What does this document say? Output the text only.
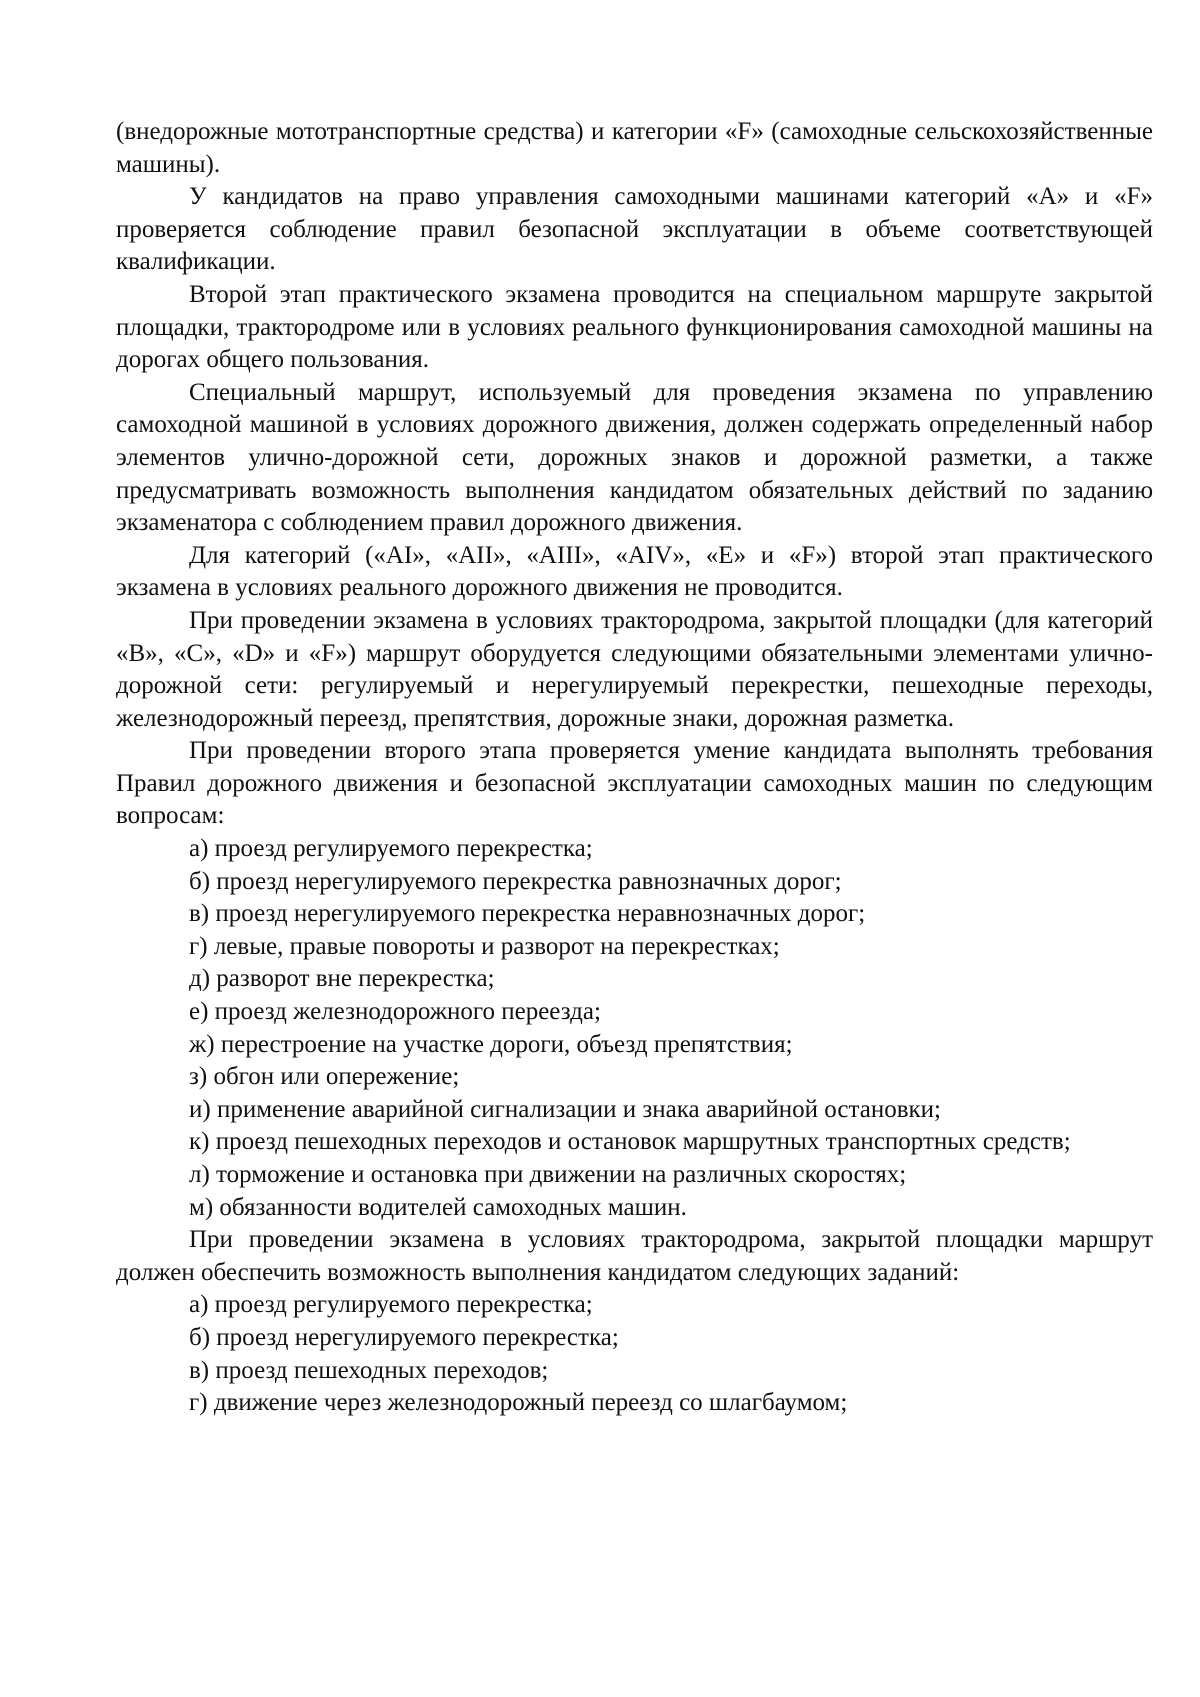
(внедорожные мототранспортные средства) и категории «F» (самоходные сельскохозяйственные машины).

У кандидатов на право управления самоходными машинами категорий «A» и «F» проверяется соблюдение правил безопасной эксплуатации в объеме соответствующей квалификации.

Второй этап практического экзамена проводится на специальном маршруте закрытой площадки, трактородроме или в условиях реального функционирования самоходной машины на дорогах общего пользования.

Специальный маршрут, используемый для проведения экзамена по управлению самоходной машиной в условиях дорожного движения, должен содержать определенный набор элементов улично-дорожной сети, дорожных знаков и дорожной разметки, а также предусматривать возможность выполнения кандидатом обязательных действий по заданию экзаменатора с соблюдением правил дорожного движения.

Для категорий («AI», «AII», «AIII», «AIV», «E» и «F») второй этап практического экзамена в условиях реального дорожного движения не проводится.

При проведении экзамена в условиях трактородрома, закрытой площадки (для категорий «B», «C», «D» и «F») маршрут оборудуется следующими обязательными элементами улично-дорожной сети: регулируемый и нерегулируемый перекрестки, пешеходные переходы, железнодорожный переезд, препятствия, дорожные знаки, дорожная разметка.

При проведении второго этапа проверяется умение кандидата выполнять требования Правил дорожного движения и безопасной эксплуатации самоходных машин по следующим вопросам:

а) проезд регулируемого перекрестка;

б) проезд нерегулируемого перекрестка равнозначных дорог;

в) проезд нерегулируемого перекрестка неравнозначных дорог;

г) левые, правые повороты и разворот на перекрестках;

д) разворот вне перекрестка;

е) проезд железнодорожного переезда;

ж) перестроение на участке дороги, объезд препятствия;

з) обгон или опережение;

и) применение аварийной сигнализации и знака аварийной остановки;

к) проезд пешеходных переходов и остановок маршрутных транспортных средств;

л) торможение и остановка при движении на различных скоростях;

м) обязанности водителей самоходных машин.

При проведении экзамена в условиях трактородрома, закрытой площадки маршрут должен обеспечить возможность выполнения кандидатом следующих заданий:

а) проезд регулируемого перекрестка;

б) проезд нерегулируемого перекрестка;

в) проезд пешеходных переходов;

г) движение через железнодорожный переезд со шлагбаумом;
